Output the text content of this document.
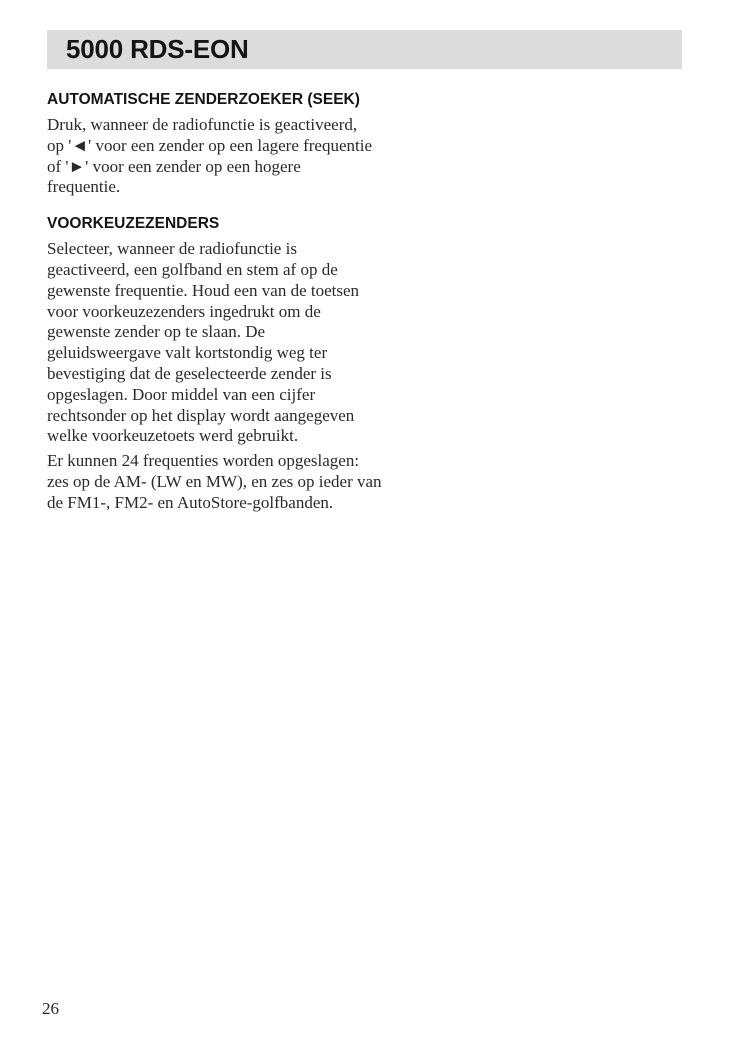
5000 RDS-EON
AUTOMATISCHE ZENDERZOEKER (SEEK)
Druk, wanneer de radiofunctie is geactiveerd,
op '◄' voor een zender op een lagere frequentie
of '►' voor een zender op een hogere
frequentie.
VOORKEUZEZENDERS
Selecteer, wanneer de radiofunctie is
geactiveerd, een golfband en stem af op de
gewenste frequentie. Houd een van de toetsen
voor voorkeuzezenders ingedrukt om de
gewenste zender op te slaan. De
geluidsweergave valt kortstondig weg ter
bevestiging dat de geselecteerde zender is
opgeslagen. Door middel van een cijfer
rechtsonder op het display wordt aangegeven
welke voorkeuzetoets werd gebruikt.
Er kunnen 24 frequenties worden opgeslagen:
zes op de AM- (LW en MW), en zes op ieder van
de FM1-, FM2- en AutoStore-golfbanden.
26
